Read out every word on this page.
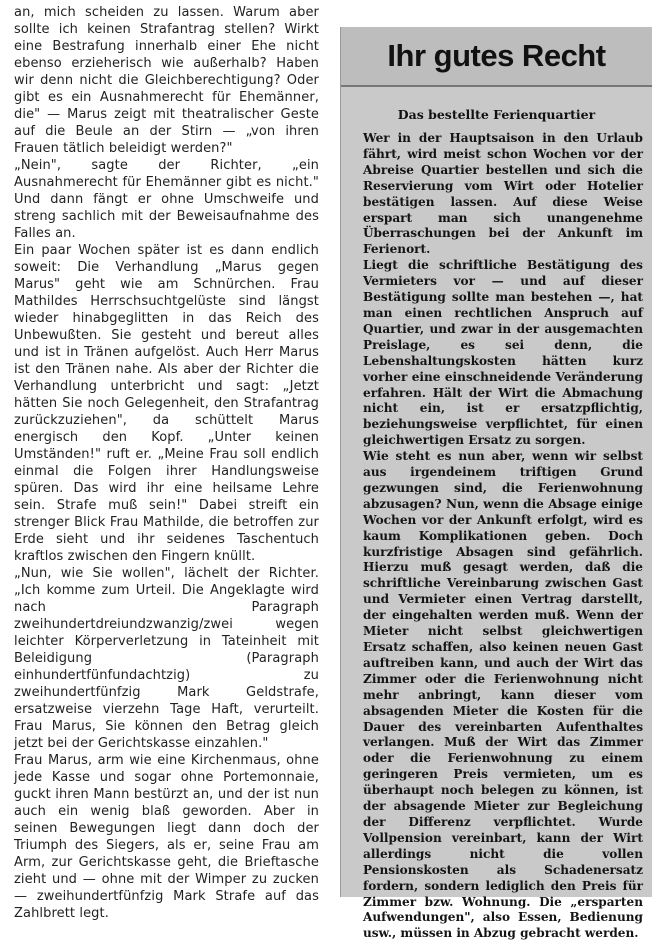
an, mich scheiden zu lassen. Warum aber sollte ich keinen Strafantrag stellen? Wirkt eine Bestrafung innerhalb einer Ehe nicht ebenso erzieherisch wie außerhalb? Haben wir denn nicht die Gleichberechtigung? Oder gibt es ein Ausnahmerecht für Ehemänner, die" — Marus zeigt mit theatralischer Geste auf die Beule an der Stirn — „von ihren Frauen tätlich beleidigt werden?"

„Nein", sagte der Richter, „ein Ausnahmerecht für Ehemänner gibt es nicht." Und dann fängt er ohne Umschweife und streng sachlich mit der Beweisaufnahme des Falles an.

Ein paar Wochen später ist es dann endlich soweit: Die Verhandlung „Marus gegen Marus" geht wie am Schnürchen. Frau Mathildes Herrschsuchtgelüste sind längst wieder hinabgeglitten in das Reich des Unbewußten. Sie gesteht und bereut alles und ist in Tränen aufgelöst. Auch Herr Marus ist den Tränen nahe. Als aber der Richter die Verhandlung unterbricht und sagt: „Jetzt hätten Sie noch Gelegenheit, den Strafantrag zurückzuziehen", da schüttelt Marus energisch den Kopf. „Unter keinen Umständen!" ruft er. „Meine Frau soll endlich einmal die Folgen ihrer Handlungsweise spüren. Das wird ihr eine heilsame Lehre sein. Strafe muß sein!" Dabei streift ein strenger Blick Frau Mathilde, die betroffen zur Erde sieht und ihr seidenes Taschentuch kraftlos zwischen den Fingern knüllt.

„Nun, wie Sie wollen", lächelt der Richter. „Ich komme zum Urteil. Die Angeklagte wird nach Paragraph zweihundertdreiundzwanzig/zwei wegen leichter Körperverletzung in Tateinheit mit Beleidigung (Paragraph einhundertfünfundachtzig) zu zweihundertfünfzig Mark Geldstrafe, ersatzweise vierzehn Tage Haft, verurteilt. Frau Marus, Sie können den Betrag gleich jetzt bei der Gerichtskasse einzahlen."

Frau Marus, arm wie eine Kirchenmaus, ohne jede Kasse und sogar ohne Portemonnaie, guckt ihren Mann bestürzt an, und der ist nun auch ein wenig blaß geworden. Aber in seinen Bewegungen liegt dann doch der Triumph des Siegers, als er, seine Frau am Arm, zur Gerichtskasse geht, die Brieftasche zieht und — ohne mit der Wimper zu zucken — zweihundertfünfzig Mark Strafe auf das Zahlbrett legt.

Ihr gutes Recht
Das bestellte Ferienquartier

Wer in der Hauptsaison in den Urlaub fährt, wird meist schon Wochen vor der Abreise Quartier bestellen und sich die Reservierung vom Wirt oder Hotelier bestätigen lassen. Auf diese Weise erspart man sich unangenehme Überraschungen bei der Ankunft im Ferienort.

Liegt die schriftliche Bestätigung des Vermieters vor — und auf dieser Bestätigung sollte man bestehen —, hat man einen rechtlichen Anspruch auf Quartier, und zwar in der ausgemachten Preislage, es sei denn, die Lebenshaltungskosten hätten kurz vorher eine einschneidende Veränderung erfahren. Hält der Wirt die Abmachung nicht ein, ist er ersatzpflichtig, beziehungsweise verpflichtet, für einen gleichwertigen Ersatz zu sorgen.

Wie steht es nun aber, wenn wir selbst aus irgendeinem triftigen Grund gezwungen sind, die Ferienwohnung abzusagen? Nun, wenn die Absage einige Wochen vor der Ankunft erfolgt, wird es kaum Komplikationen geben. Doch kurzfristige Absagen sind gefährlich. Hierzu muß gesagt werden, daß die schriftliche Vereinbarung zwischen Gast und Vermieter einen Vertrag darstellt, der eingehalten werden muß. Wenn der Mieter nicht selbst gleichwertigen Ersatz schaffen, also keinen neuen Gast auftreiben kann, und auch der Wirt das Zimmer oder die Ferienwohnung nicht mehr anbringt, kann dieser vom absagenden Mieter die Kosten für die Dauer des vereinbarten Aufenthaltes verlangen. Muß der Wirt das Zimmer oder die Ferienwohnung zu einem geringeren Preis vermieten, um es überhaupt noch belegen zu können, ist der absagende Mieter zur Begleichung der Differenz verpflichtet. Wurde Vollpension vereinbart, kann der Wirt allerdings nicht die vollen Pensionskosten als Schadenersatz fordern, sondern lediglich den Preis für Zimmer bzw. Wohnung. Die „ersparten Aufwendungen", also Essen, Bedienung usw., müssen in Abzug gebracht werden.
